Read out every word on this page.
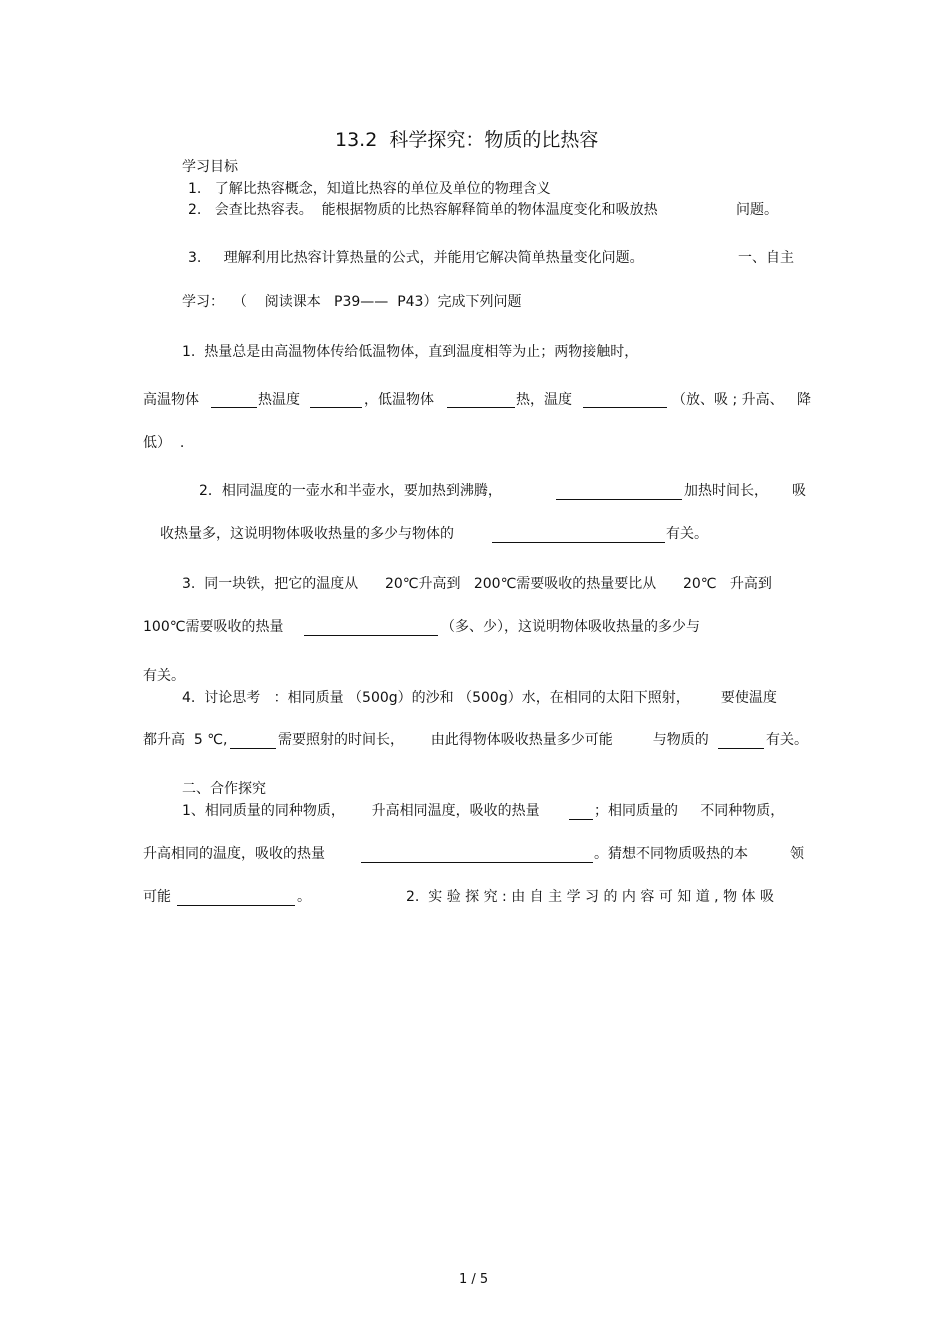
13.2  科学探究：物质的比热容
学习目标
1.   了解比热容概念，知道比热容的单位及单位的物理含义
2.   会查比热容表。  能根据物质的比热容解释简单的物体温度变化和吸放热	问题。
3.     理解利用比热容计算热量的公式，并能用它解决简单热量变化问题。	一、自主
学习：  （    阅读课本   P39——  P43）完成下列问题
1.  热量总是由高温物体传给低温物体，直到温度相等为止；两物接触时，
高温物体	热温度	，低温物体	热，温度	（放、吸 ; 升高、   降
低）  .
2．相同温度的一壶水和半壶水，要加热到沸腾，	加热时间长， 吸
收热量多，这说明物体吸收热量的多少与物体的	有关。
3.  同一块铁，把它的温度从      20℃升高到   200℃需要吸收的热量要比从      20℃   升高到
100℃需要吸收的热量	（多、少），这说明物体吸收热量的多少与
有关。
4.  讨论思考   ：相同质量 （500g）的沙和 （500g）水，在相同的太阳下照射，       要使温度
都升高  5 ℃,	需要照射的时间长，      由此得物体吸收热量多少可能         与物质的	有关。
二、合作探究
1、相同质量的同种物质，      升高相同温度，吸收的热量	；相同质量的     不同种物质，
升高相同的温度，吸收的热量	。猜想不同物质吸热的本	领
可能	。	2.  实 验 探 究 : 由 自 主 学 习 的 内 容 可 知 道 , 物 体 吸
1 / 5
